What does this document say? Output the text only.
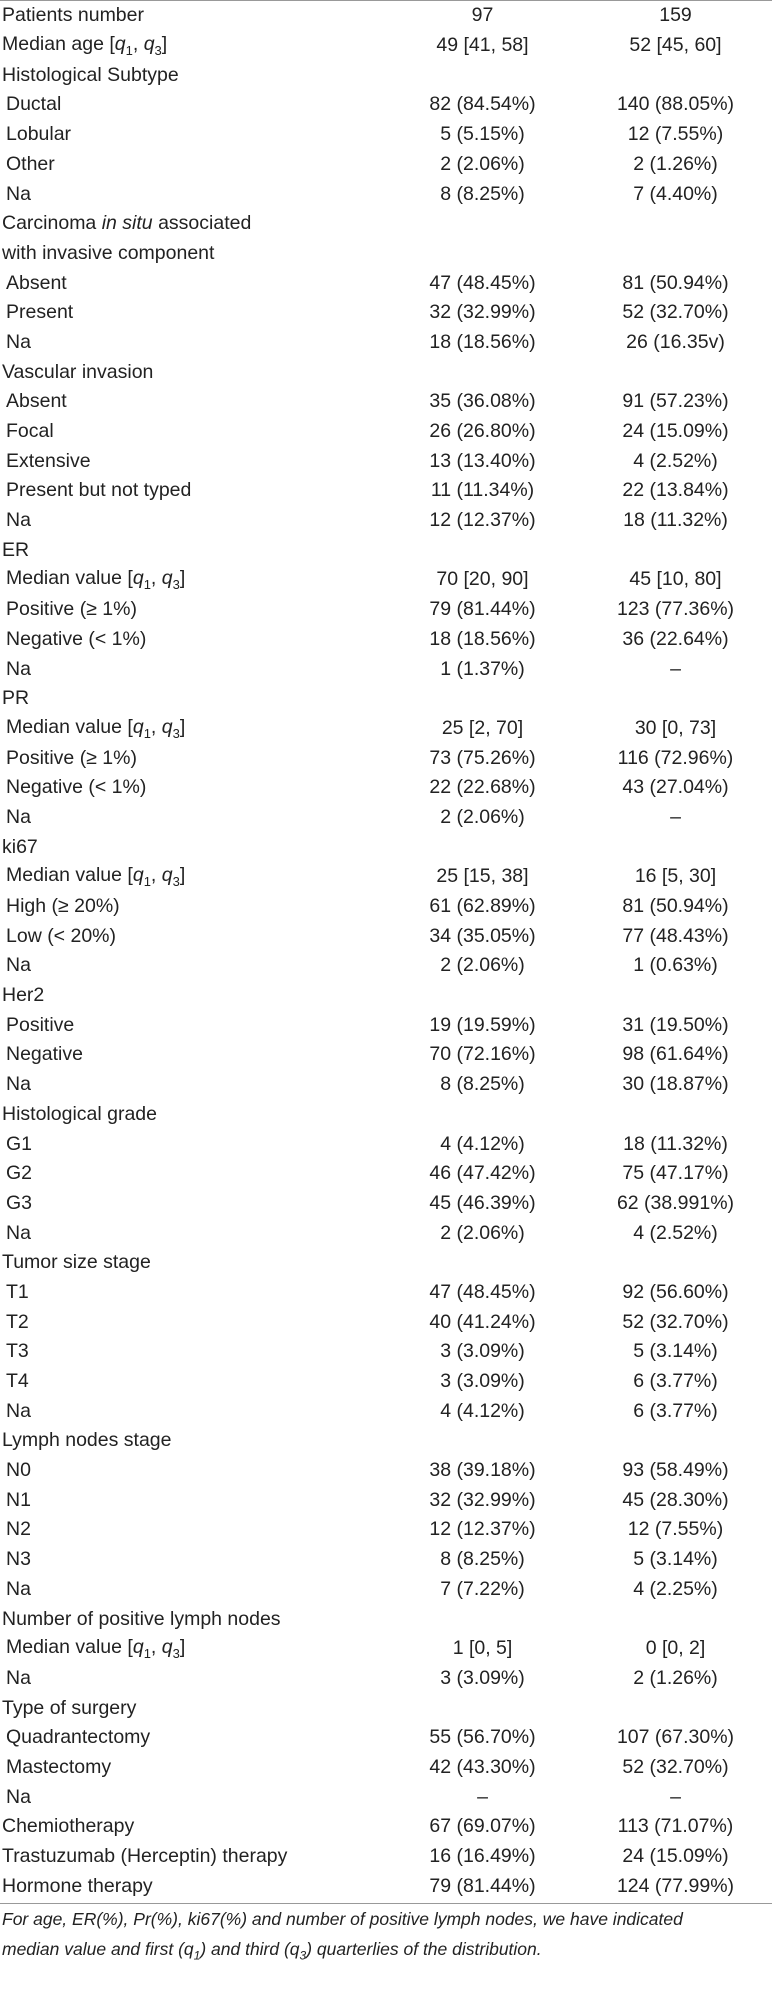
Patients number	97	159
Median age [$q_1$, $q_3$]	49 [41, 58]	52 [45, 60]
Histological Subtype		
Ductal	82 (84.54%)	140 (88.05%)
Lobular	5 (5.15%)	12 (7.55%)
Other	2 (2.06%)	2 (1.26%)
Na	8 (8.25%)	7 (4.40%)
Carcinoma in situ associated		
with invasive component		
Absent	47 (48.45%)	81 (50.94%)
Present	32 (32.99%)	52 (32.70%)
Na	18 (18.56%)	26 (16.35v)
Vascular invasion		
Absent	35 (36.08%)	91 (57.23%)
Focal	26 (26.80%)	24 (15.09%)
Extensive	13 (13.40%)	4 (2.52%)
Present but not typed	11 (11.34%)	22 (13.84%)
Na	12 (12.37%)	18 (11.32%)
ER		
Median value [$q_1$, $q_3$]	70 [20, 90]	45 [10, 80]
Positive (≥ 1%)	79 (81.44%)	123 (77.36%)
Negative (< 1%)	18 (18.56%)	36 (22.64%)
Na	1 (1.37%)	–
PR		
Median value [$q_1$, $q_3$]	25 [2, 70]	30 [0, 73]
Positive (≥ 1%)	73 (75.26%)	116 (72.96%)
Negative (< 1%)	22 (22.68%)	43 (27.04%)
Na	2 (2.06%)	–
ki67		
Median value [$q_1$, $q_3$]	25 [15, 38]	16 [5, 30]
High (≥ 20%)	61 (62.89%)	81 (50.94%)
Low (< 20%)	34 (35.05%)	77 (48.43%)
Na	2 (2.06%)	1 (0.63%)
Her2		
Positive	19 (19.59%)	31 (19.50%)
Negative	70 (72.16%)	98 (61.64%)
Na	8 (8.25%)	30 (18.87%)
Histological grade		
G1	4 (4.12%)	18 (11.32%)
G2	46 (47.42%)	75 (47.17%)
G3	45 (46.39%)	62 (38.991%)
Na	2 (2.06%)	4 (2.52%)
Tumor size stage		
T1	47 (48.45%)	92 (56.60%)
T2	40 (41.24%)	52 (32.70%)
T3	3 (3.09%)	5 (3.14%)
T4	3 (3.09%)	6 (3.77%)
Na	4 (4.12%)	6 (3.77%)
Lymph nodes stage		
N0	38 (39.18%)	93 (58.49%)
N1	32 (32.99%)	45 (28.30%)
N2	12 (12.37%)	12 (7.55%)
N3	8 (8.25%)	5 (3.14%)
Na	7 (7.22%)	4 (2.25%)
Number of positive lymph nodes		
Median value [$q_1$, $q_3$]	1 [0, 5]	0 [0, 2]
Na	3 (3.09%)	2 (1.26%)
Type of surgery		
Quadrantectomy	55 (56.70%)	107 (67.30%)
Mastectomy	42 (43.30%)	52 (32.70%)
Na	–	–
Chemiotherapy	67 (69.07%)	113 (71.07%)
Trastuzumab (Herceptin) therapy	16 (16.49%)	24 (15.09%)
Hormone therapy	79 (81.44%)	124 (77.99%)
For age, ER(%), Pr(%), ki67(%) and number of positive lymph nodes, we have indicated
median value and first $(q_1)$ and third $(q_3)$ quarterlies of the distribution.
